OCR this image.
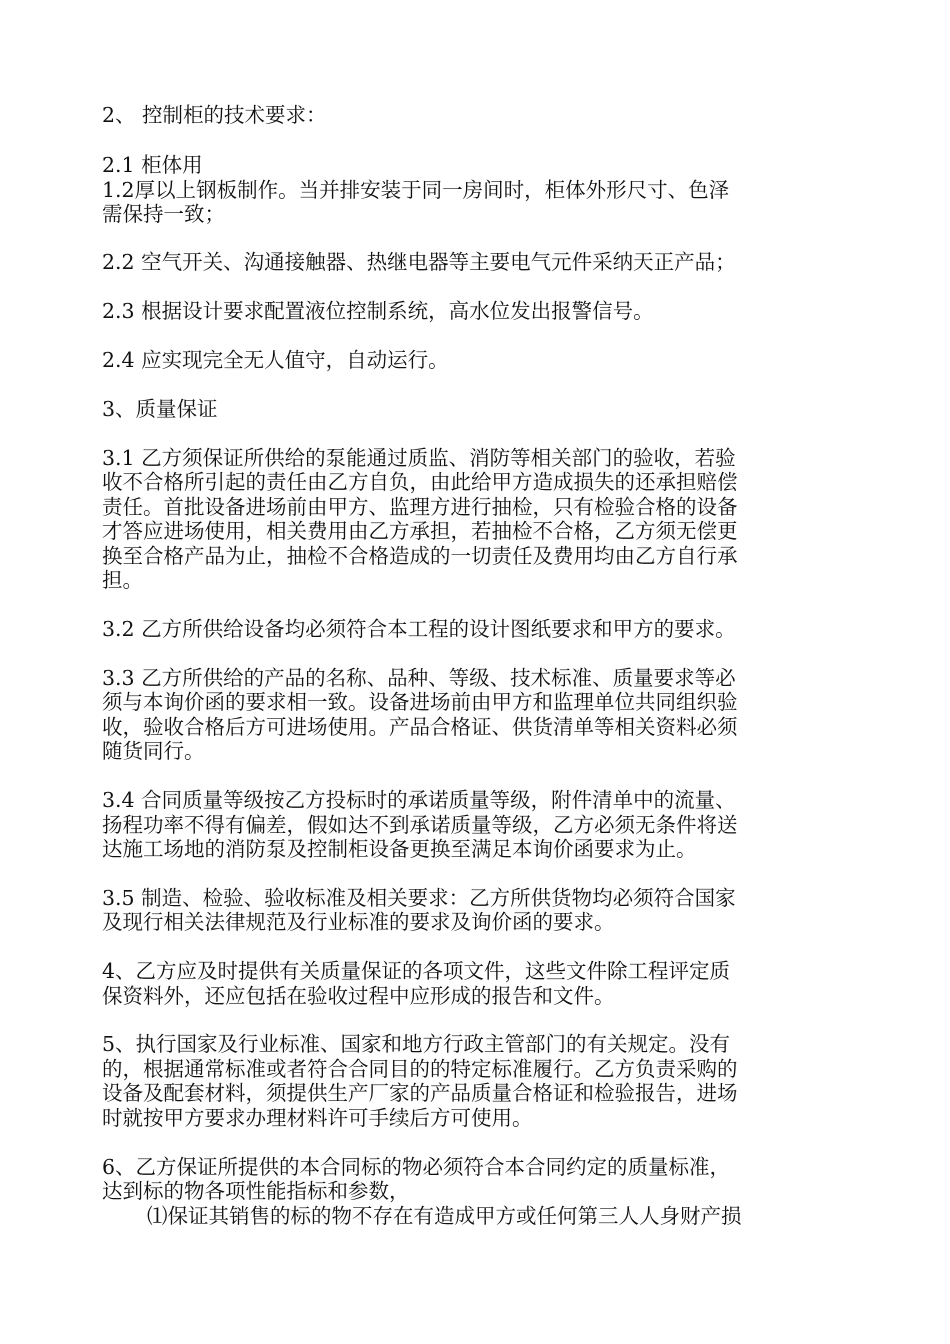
2、 控制柜的技术要求：
2.1 柜体用
1.2厚以上钢板制作。当并排安装于同一房间时，柜体外形尺寸、色泽
需保持一致；
2.2 空气开关、沟通接触器、热继电器等主要电气元件采纳天正产品；
2.3 根据设计要求配置液位控制系统，高水位发出报警信号。
2.4 应实现完全无人值守，自动运行。
3、质量保证
3.1 乙方须保证所供给的泵能通过质监、消防等相关部门的验收，若验
收不合格所引起的责任由乙方自负，由此给甲方造成损失的还承担赔偿
责任。首批设备进场前由甲方、监理方进行抽检，只有检验合格的设备
才答应进场使用，相关费用由乙方承担，若抽检不合格，乙方须无偿更
换至合格产品为止，抽检不合格造成的一切责任及费用均由乙方自行承
担。
3.2 乙方所供给设备均必须符合本工程的设计图纸要求和甲方的要求。
3.3 乙方所供给的产品的名称、品种、等级、技术标准、质量要求等必
须与本询价函的要求相一致。设备进场前由甲方和监理单位共同组织验
收，验收合格后方可进场使用。产品合格证、供货清单等相关资料必须
随货同行。
3.4 合同质量等级按乙方投标时的承诺质量等级，附件清单中的流量、
扬程功率不得有偏差，假如达不到承诺质量等级，乙方必须无条件将送
达施工场地的消防泵及控制柜设备更换至满足本询价函要求为止。
3.5 制造、检验、验收标准及相关要求：乙方所供货物均必须符合国家
及现行相关法律规范及行业标准的要求及询价函的要求。
4、乙方应及时提供有关质量保证的各项文件，这些文件除工程评定质
保资料外，还应包括在验收过程中应形成的报告和文件。
5、执行国家及行业标准、国家和地方行政主管部门的有关规定。没有
的，根据通常标准或者符合合同目的的特定标准履行。乙方负责采购的
设备及配套材料，须提供生产厂家的产品质量合格证和检验报告，进场
时就按甲方要求办理材料许可手续后方可使用。
6、乙方保证所提供的本合同标的物必须符合本合同约定的质量标准，
达到标的物各项性能指标和参数，
⑴保证其销售的标的物不存在有造成甲方或任何第三人人身财产损
